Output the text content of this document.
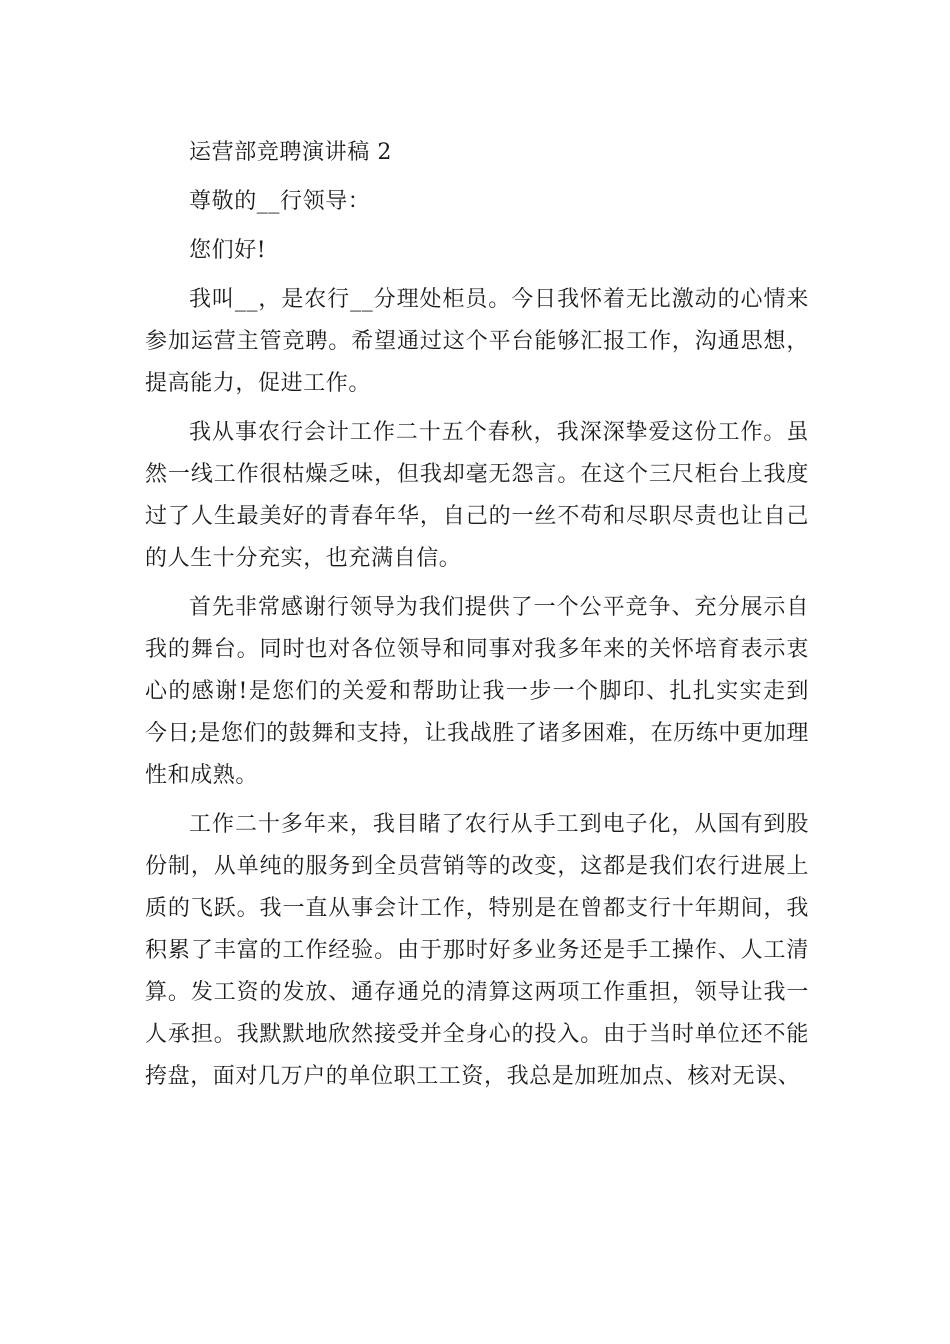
运营部竞聘演讲稿 2

尊敬的__行领导：

您们好!

我叫__，是农行__分理处柜员。今日我怀着无比激动的心情来参加运营主管竞聘。希望通过这个平台能够汇报工作，沟通思想，提高能力，促进工作。

我从事农行会计工作二十五个春秋，我深深挚爱这份工作。虽然一线工作很枯燥乏味，但我却毫无怨言。在这个三尺柜台上我度过了人生最美好的青春年华，自己的一丝不苟和尽职尽责也让自己的人生十分充实，也充满自信。

首先非常感谢行领导为我们提供了一个公平竞争、充分展示自我的舞台。同时也对各位领导和同事对我多年来的关怀培育表示衷心的感谢!是您们的关爱和帮助让我一步一个脚印、扎扎实实走到今日;是您们的鼓舞和支持，让我战胜了诸多困难，在历练中更加理性和成熟。

工作二十多年来，我目睹了农行从手工到电子化，从国有到股份制，从单纯的服务到全员营销等的改变，这都是我们农行进展上质的飞跃。我一直从事会计工作，特别是在曾都支行十年期间，我积累了丰富的工作经验。由于那时好多业务还是手工操作、人工清算。发工资的发放、通存通兑的清算这两项工作重担，领导让我一人承担。我默默地欣然接受并全身心的投入。由于当时单位还不能挎盘，面对几万户的单位职工工资，我总是加班加点、核对无误、
